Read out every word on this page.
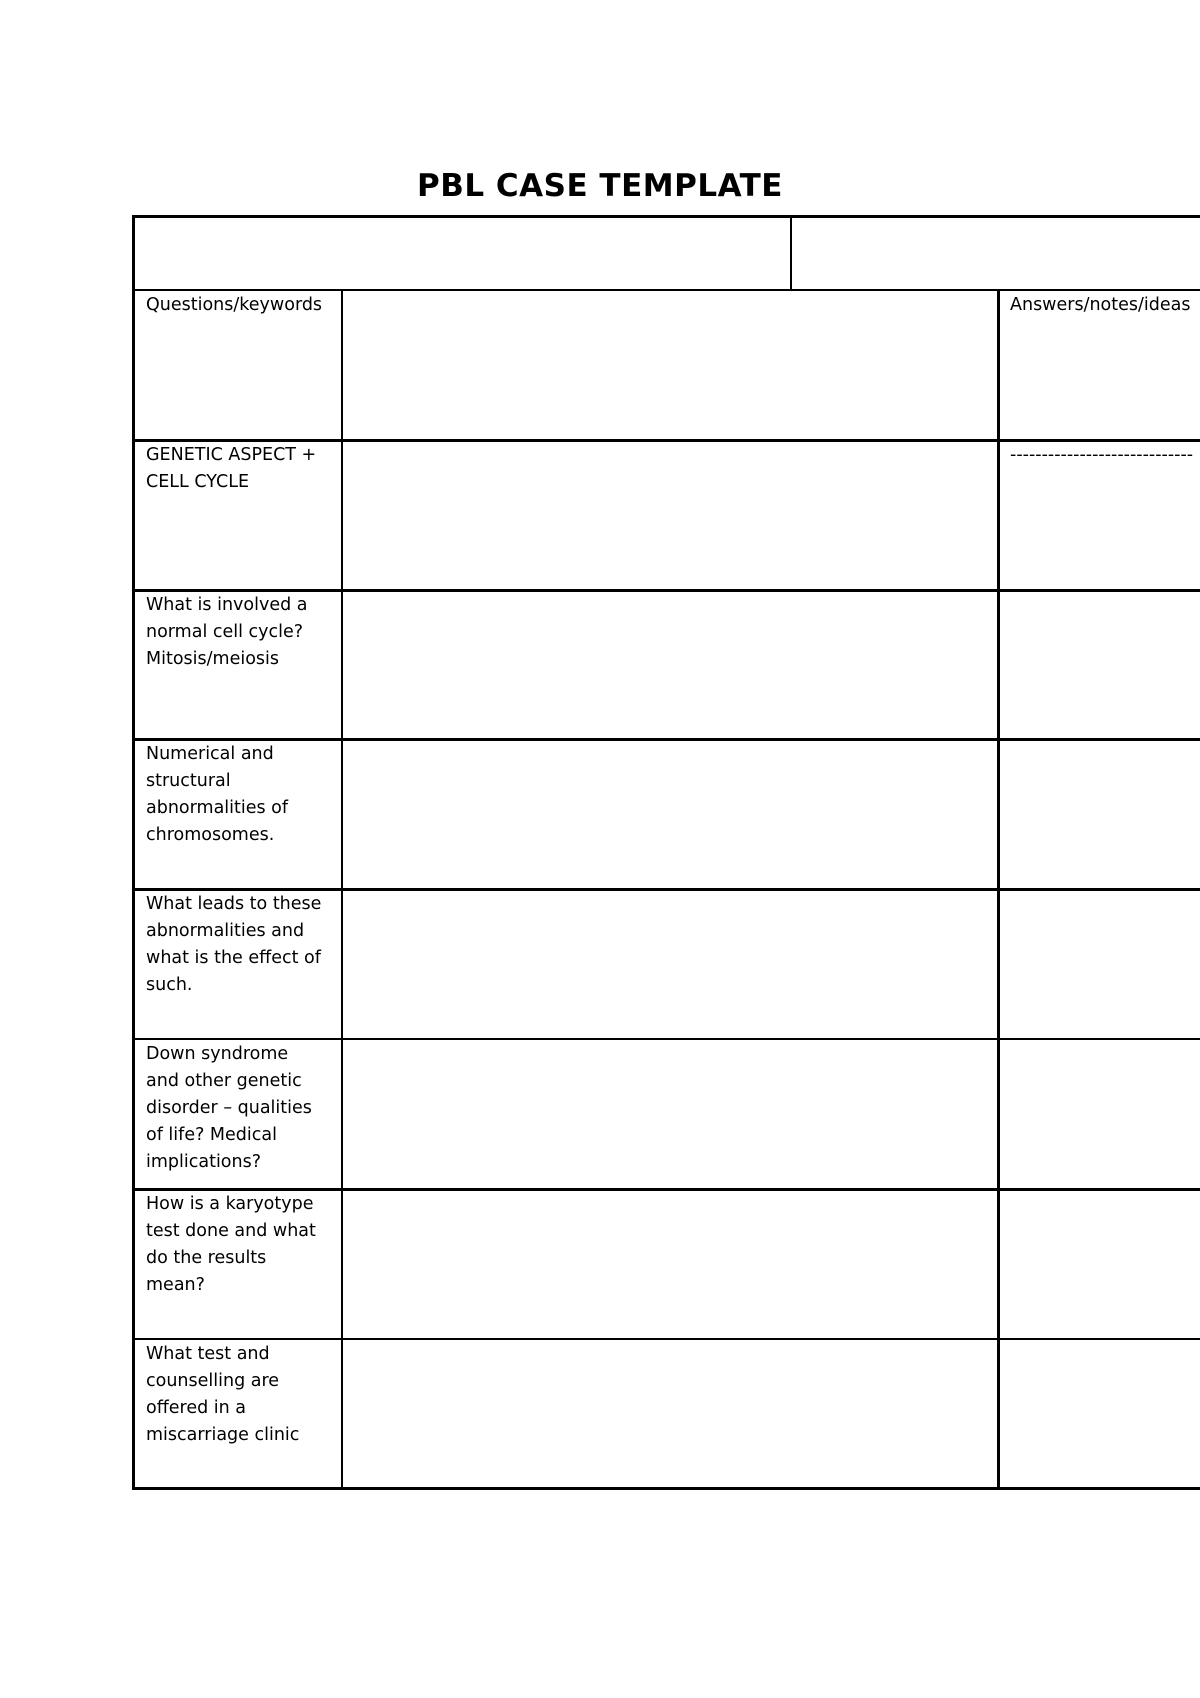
PBL CASE TEMPLATE
Questions/keywords	Answers/notes/ideas
GENETIC ASPECT +
CELL CYCLE
-----------------------------
What is involved a
normal cell cycle?
Mitosis/meiosis
Numerical and
structural
abnormalities of
chromosomes.
What leads to these
abnormalities and
what is the effect of
such.
Down syndrome
and other genetic
disorder – qualities
of life? Medical
implications?
How is a karyotype
test done and what
do the results
mean?
What test and
counselling are
offered in a
miscarriage clinic
